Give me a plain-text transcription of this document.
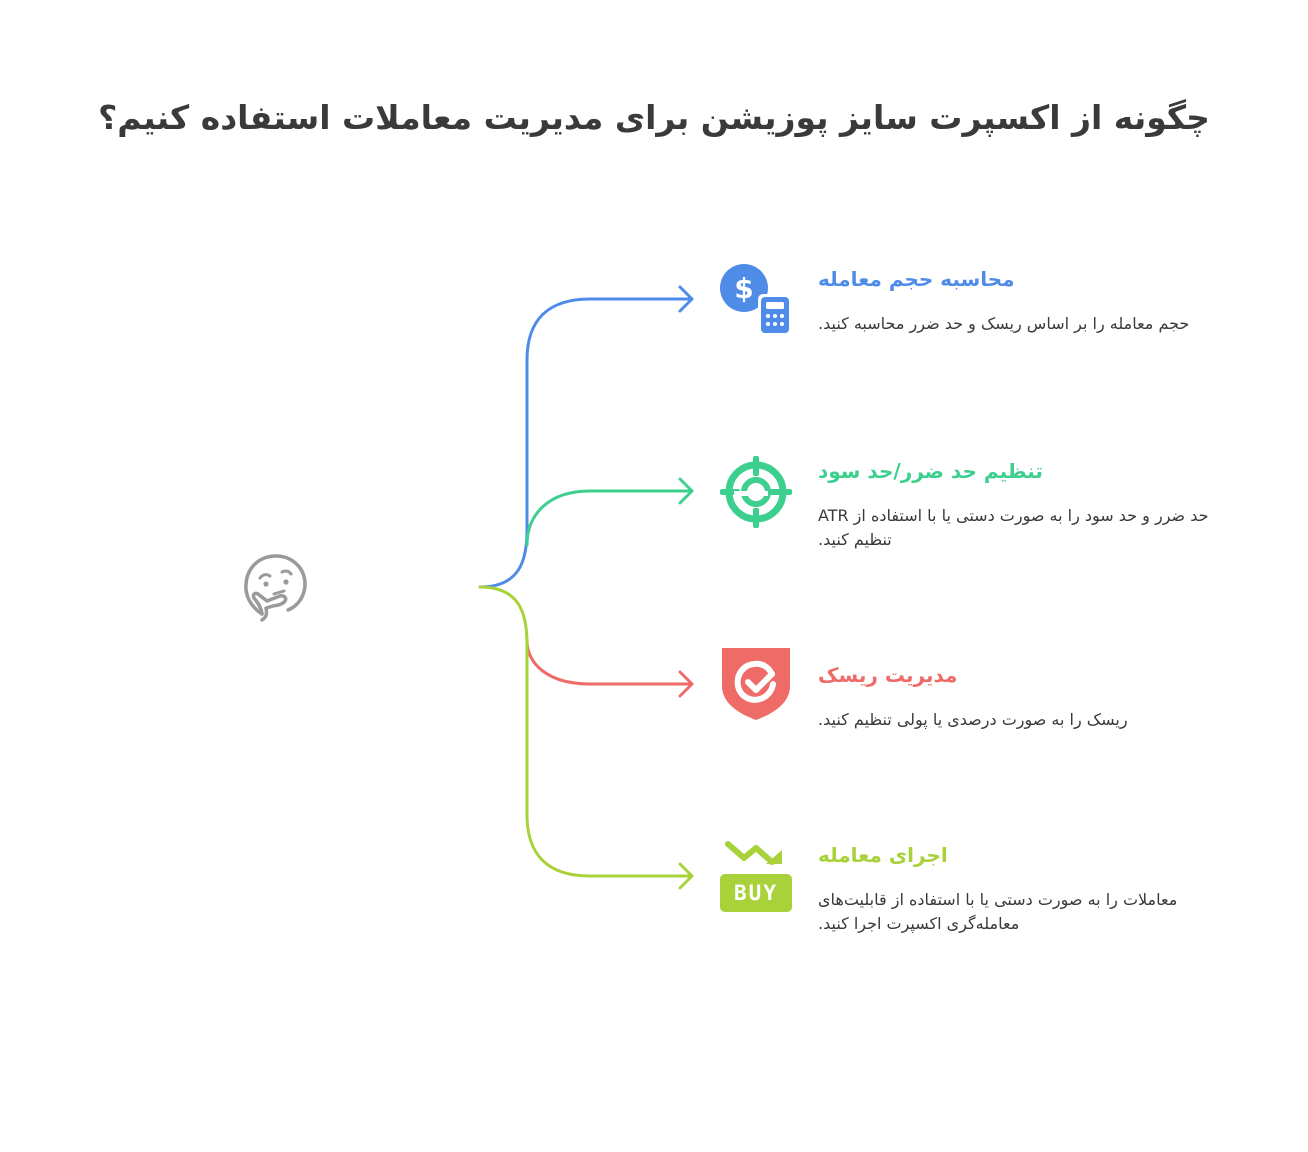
چگونه از اکسپرت سایز پوزیشن برای مدیریت معاملات استفاده کنیم؟
$	محاسبه حجم معامله
حجم معامله را بر اساس ریسک و حد ضرر محاسبه کنید.
تنظیم حد ضرر/حد سود
حد ضرر و حد سود را به صورت دستی یا با استفاده از ATR تنظیم کنید.
مدیریت ریسک
ریسک را به صورت درصدی یا پولی تنظیم کنید.
BUY
اجرای معامله
معاملات را به صورت دستی یا با استفاده از قابلیت‌های معامله‌گری اکسپرت اجرا کنید.
